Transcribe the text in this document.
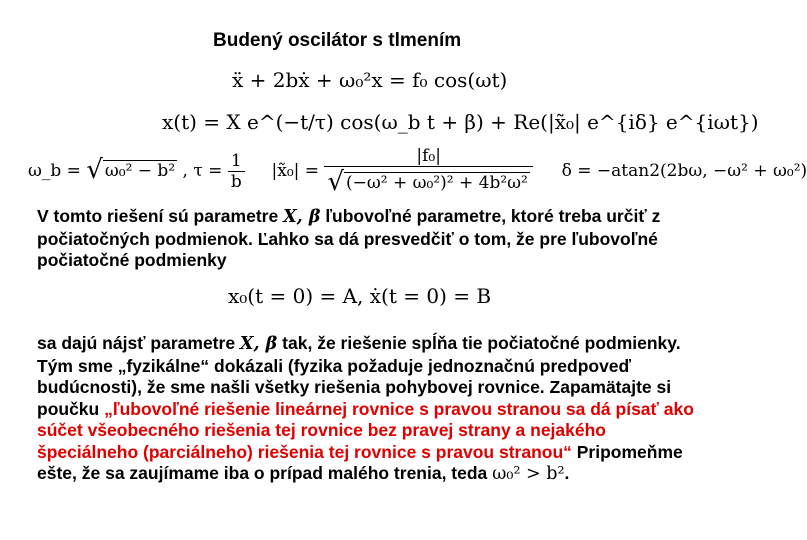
Budený oscilátor s tlmením
ẍ + 2bẋ + ω₀²x = f₀ cos(ωt)
x(t) = X e^(−t/τ) cos(ω_b t + β) + Re(|x̃₀| e^{iδ} e^{iωt})
ω_b = √ ω₀² − b² , $\tau = \frac{1}{b}$ |x̃₀| = $\frac{\text{|f₀|}}{\text{√ (−ω² + ω₀²)² + 4b²ω²}}$ δ = −atan2(2bω, −ω² + ω₀²)
V tomto riešení sú parametre X, β ľubovoľné parametre, ktoré treba určiť z počiatočných podmienok. Ľahko sa dá presvedčiť o tom, že pre ľubovoľné počiatočné podmienky
x₀(t = 0) = A, ẋ(t = 0) = B
sa dajú nájsť parametre X, β tak, že riešenie spĺňa tie počiatočné podmienky. Tým sme „fyzikálne“ dokázali (fyzika požaduje jednoznačnú predpoveď budúcnosti), že sme našli všetky riešenia pohybovej rovnice. Zapamätajte si poučku „ľubovoľné riešenie lineárnej rovnice s pravou stranou sa dá písať ako súčet všeobecného riešenia tej rovnice bez pravej strany a nejakého špeciálneho (parciálneho) riešenia tej rovnice s pravou stranou“ Pripomeňme ešte, že sa zaujímame iba o prípad malého trenia, teda ω₀² > b².
